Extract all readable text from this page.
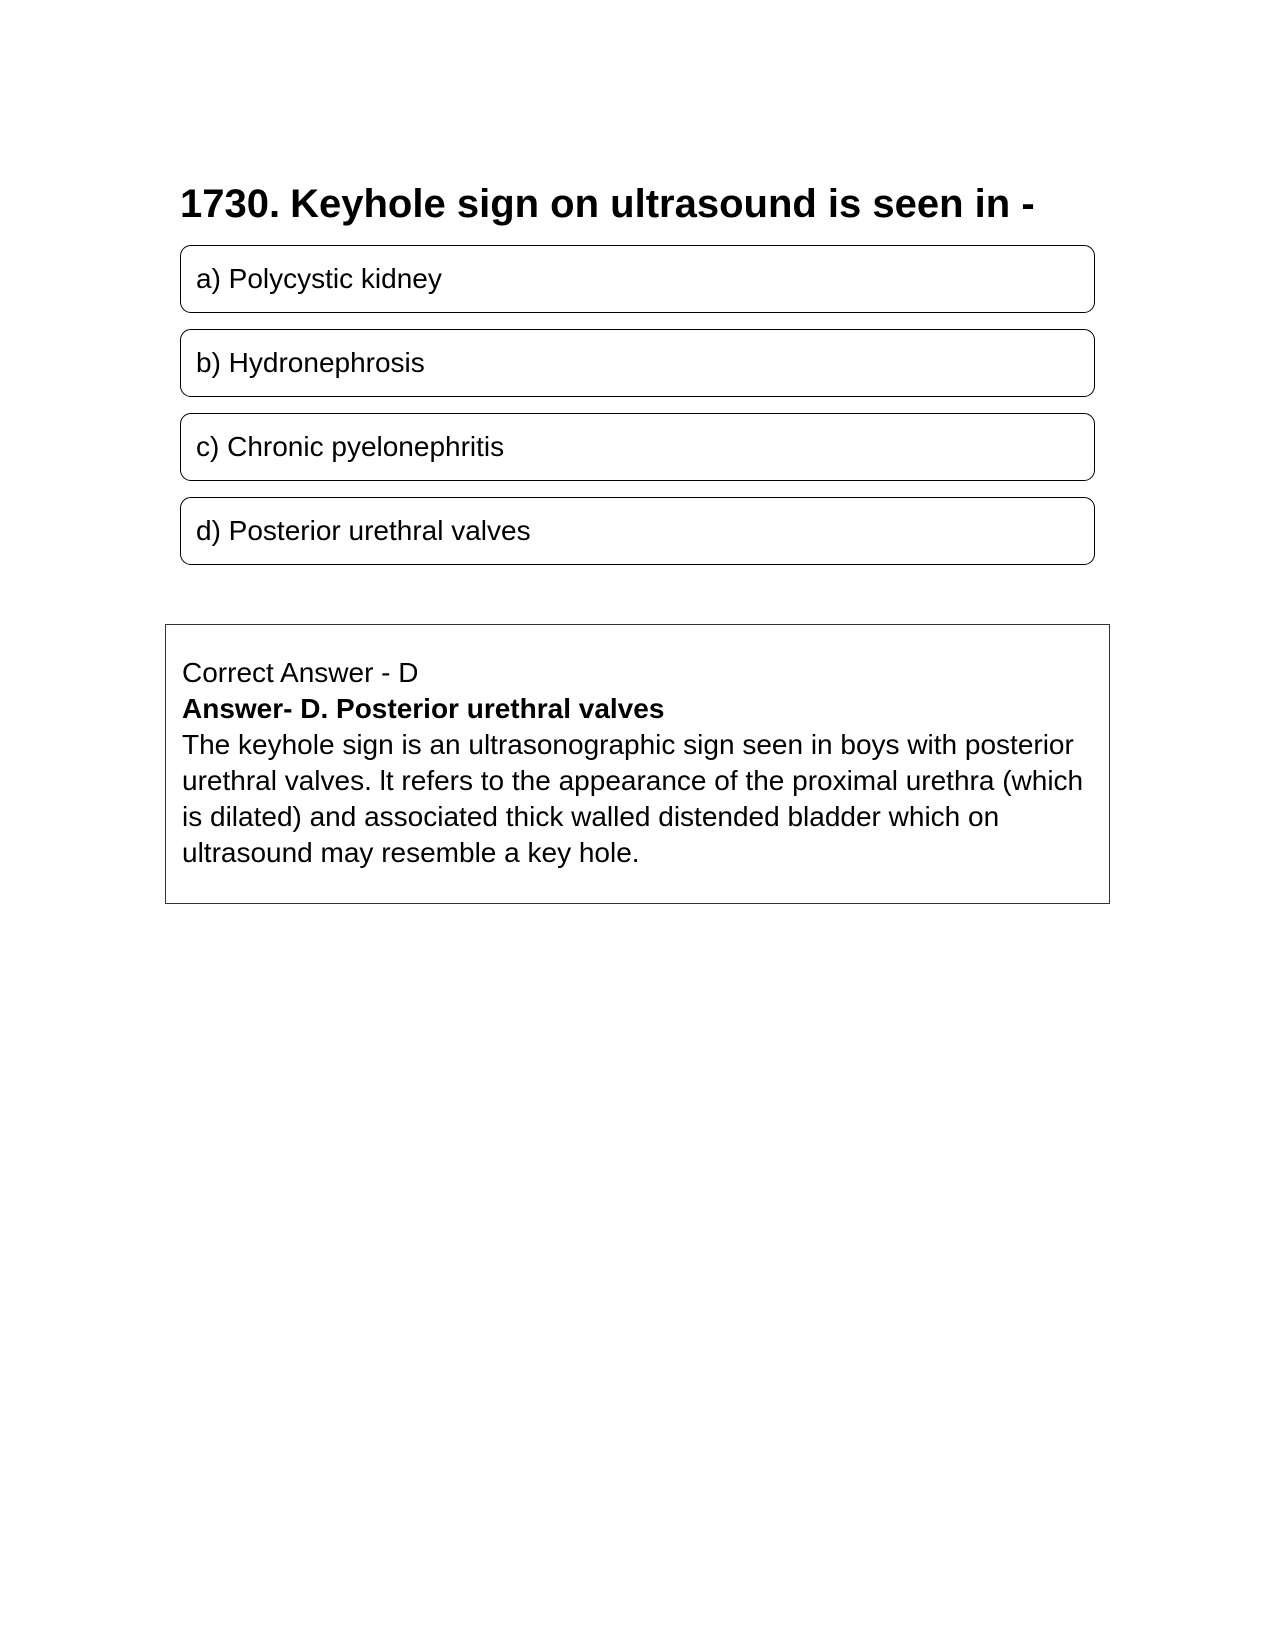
1730. Keyhole sign on ultrasound is seen in -
a) Polycystic kidney
b) Hydronephrosis
c) Chronic pyelonephritis
d) Posterior urethral valves

Correct Answer - D

Answer- D. Posterior urethral valves

The keyhole sign is an ultrasonographic sign seen in boys with posterior urethral valves. lt refers to the appearance of the proximal urethra (which is dilated) and associated thick walled distended bladder which on ultrasound may resemble a key hole.
